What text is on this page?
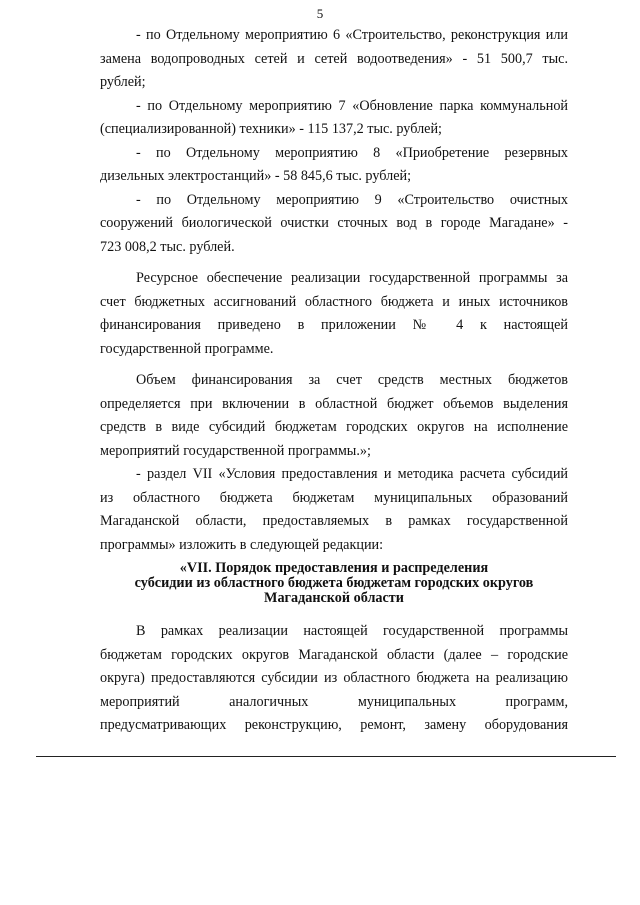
5

- по Отдельному мероприятию 6 «Строительство, реконструкция или
замена водопроводных сетей и сетей водоотведения» - 51 500,7 тыс.
рублей;

- по Отдельному мероприятию 7 «Обновление парка коммунальной
(специализированной) техники» - 115 137,2 тыс. рублей;

- по Отдельному мероприятию 8 «Приобретение резервных
дизельных электростанций» - 58 845,6 тыс. рублей;

- по Отдельному мероприятию 9 «Строительство очистных
сооружений биологической очистки сточных вод в городе Магадане» -
723 008,2 тыс. рублей.

Ресурсное обеспечение реализации государственной программы за
счет бюджетных ассигнований областного бюджета и иных источников
финансирования приведено в приложении № 4 к настоящей
государственной программе.

Объем финансирования за счет средств местных бюджетов
определяется при включении в областной бюджет объемов выделения
средств в виде субсидий бюджетам городских округов на исполнение
мероприятий государственной программы.»;

- раздел VII «Условия предоставления и методика расчета субсидий
из областного бюджета бюджетам муниципальных образований
Магаданской области, предоставляемых в рамках государственной
программы» изложить в следующей редакции:

«VII. Порядок предоставления и распределения
субсидии из областного бюджета бюджетам городских округов
Магаданской области

В рамках реализации настоящей государственной программы
бюджетам городских округов Магаданской области (далее – городские
округа) предоставляются субсидии из областного бюджета на реализацию
мероприятий аналогичных муниципальных программ,
предусматривающих реконструкцию, ремонт, замену оборудования
